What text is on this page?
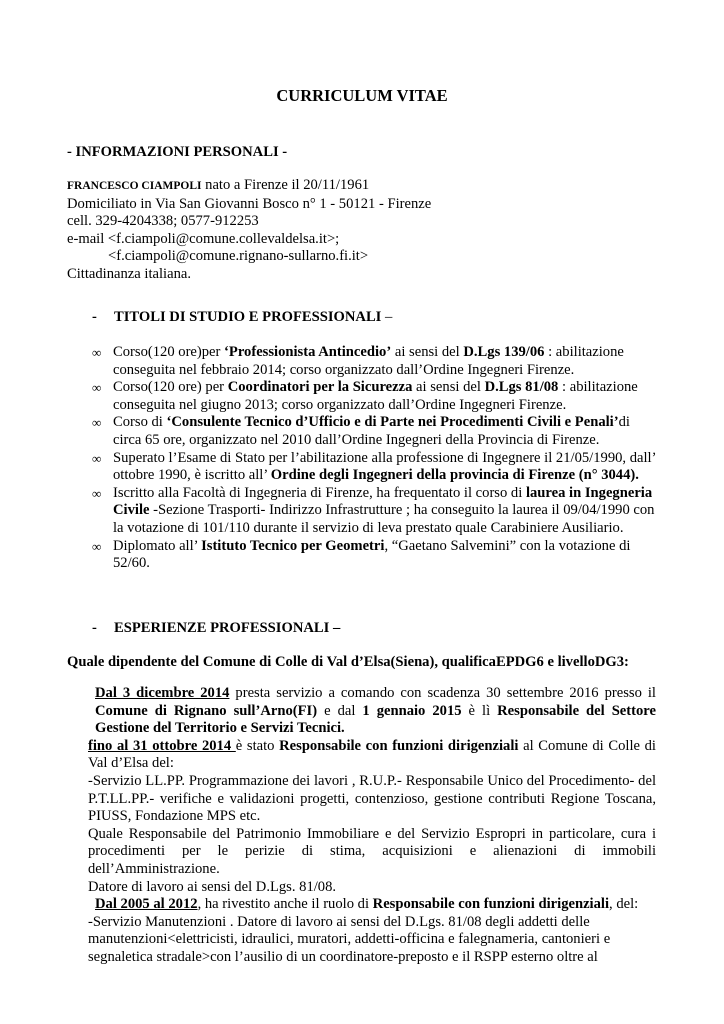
CURRICULUM VITAE
- INFORMAZIONI PERSONALI -
FRANCESCO CIAMPOLI nato a Firenze il 20/11/1961
Domiciliato in Via San Giovanni Bosco n° 1 - 50121 - Firenze
cell. 329-4204338; 0577-912253
e-mail <f.ciampoli@comune.collevaldelsa.it>;
<f.ciampoli@comune.rignano-sullarno.fi.it>
Cittadinanza italiana.
- TITOLI DI STUDIO E PROFESSIONALI –
∞ Corso(120 ore)per ‘Professionista Antincedio’ ai sensi del D.Lgs 139/06 : abilitazione conseguita nel febbraio 2014; corso organizzato dall’Ordine Ingegneri Firenze.
∞ Corso(120 ore) per Coordinatori per la Sicurezza ai sensi del D.Lgs 81/08 : abilitazione conseguita nel giugno 2013; corso organizzato dall’Ordine Ingegneri Firenze.
∞ Corso di ‘Consulente Tecnico d’Ufficio e di Parte nei Procedimenti Civili e Penali’di circa 65 ore, organizzato nel 2010 dall’Ordine Ingegneri della Provincia di Firenze.
∞ Superato l’Esame di Stato per l’abilitazione alla professione di Ingegnere il 21/05/1990, dall’ ottobre 1990, è iscritto all’ Ordine degli Ingegneri della provincia di Firenze (n° 3044).
∞ Iscritto alla Facoltà di Ingegneria di Firenze, ha frequentato il corso di laurea in Ingegneria Civile -Sezione Trasporti- Indirizzo Infrastrutture ; ha conseguito la laurea il 09/04/1990 con la votazione di 101/110 durante il servizio di leva prestato quale Carabiniere Ausiliario.
∞ Diplomato all’ Istituto Tecnico per Geometri, “Gaetano Salvemini” con la votazione di 52/60.
- ESPERIENZE PROFESSIONALI –
Quale dipendente del Comune di Colle di Val d’Elsa(Siena), qualificaEPDG6 e livelloDG3:

Dal 3 dicembre 2014 presta servizio a comando con scadenza 30 settembre 2016 presso il Comune di Rignano sull’Arno(FI) e dal 1 gennaio 2015 è lì Responsabile del Settore Gestione del Territorio e Servizi Tecnici.

fino al 31 ottobre 2014 è stato Responsabile con funzioni dirigenziali al Comune di Colle di Val d’Elsa del:

-Servizio LL.PP. Programmazione dei lavori , R.U.P.- Responsabile Unico del Procedimento- del P.T.LL.PP.- verifiche e validazioni progetti, contenzioso, gestione contributi Regione Toscana, PIUSS, Fondazione MPS etc.

Quale Responsabile del Patrimonio Immobiliare e del Servizio Espropri in particolare, cura i procedimenti per le perizie di stima, acquisizioni e alienazioni di immobili dell’Amministrazione.

Datore di lavoro ai sensi del D.Lgs. 81/08.

Dal 2005 al 2012, ha rivestito anche il ruolo di Responsabile con funzioni dirigenziali, del:

-Servizio Manutenzioni . Datore di lavoro ai sensi del D.Lgs. 81/08 degli addetti delle manutenzioni<elettricisti, idraulici, muratori, addetti-officina e falegnameria, cantonieri e segnaletica stradale>con l’ausilio di un coordinatore-preposto e il RSPP esterno oltre al
